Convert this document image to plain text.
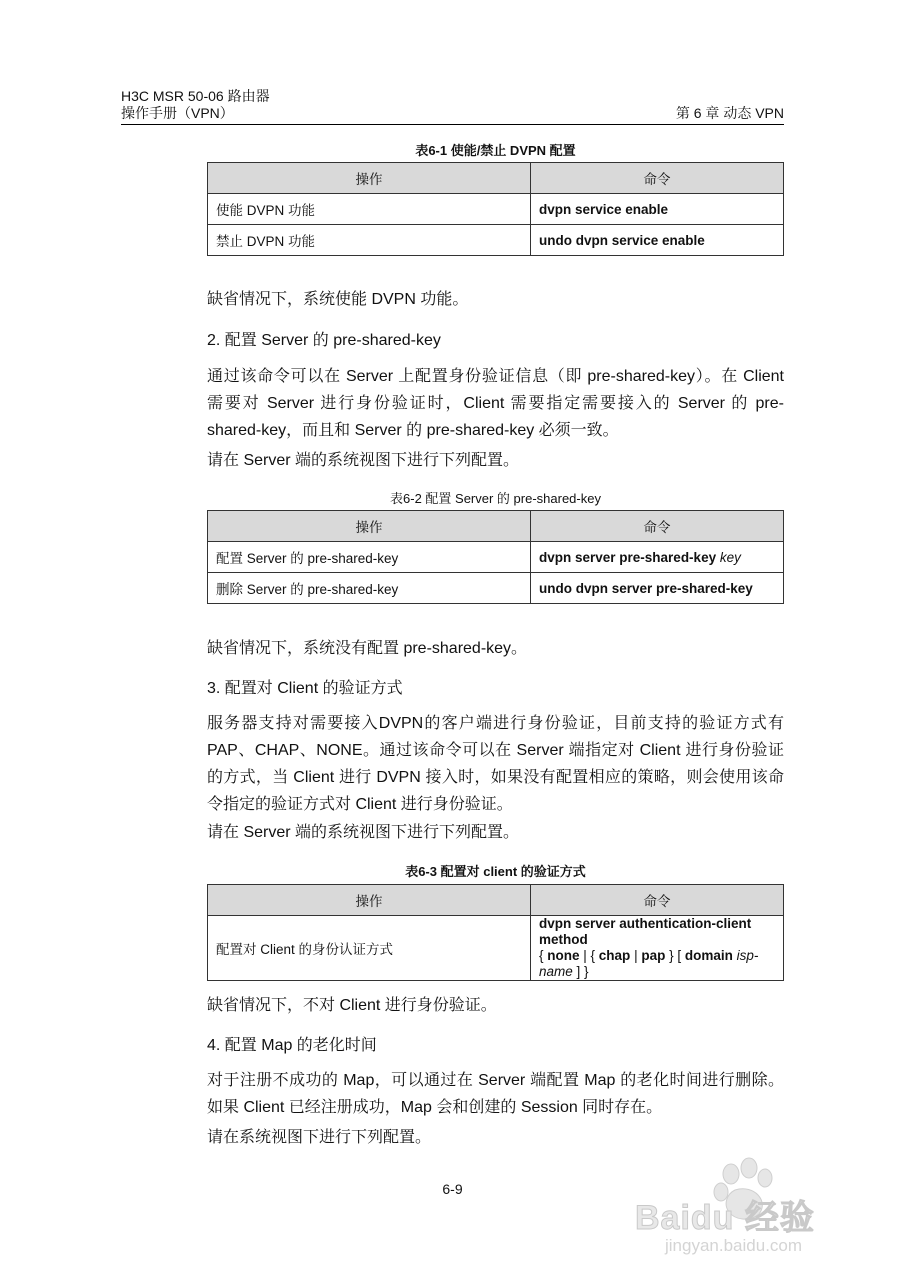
H3C MSR 50-06 路由器
操作手册（VPN）	第 6 章 动态 VPN
表6-1 使能/禁止 DVPN 配置
操作	命令
使能 DVPN 功能	dvpn service enable
禁止 DVPN 功能	undo dvpn service enable
缺省情况下，系统使能 DVPN 功能。
2. 配置 Server 的 pre-shared-key
通过该命令可以在 Server 上配置身份验证信息（即 pre-shared-key）。在 Client 需要对 Server 进行身份验证时，Client 需要指定需要接入的 Server 的 pre-shared-key，而且和 Server 的 pre-shared-key 必须一致。
请在 Server 端的系统视图下进行下列配置。
表6-2 配置 Server 的 pre-shared-key
操作	命令
配置 Server 的 pre-shared-key	dvpn server pre-shared-key key
删除 Server 的 pre-shared-key	undo dvpn server pre-shared-key
缺省情况下，系统没有配置 pre-shared-key。
3. 配置对 Client 的验证方式
服务器支持对需要接入DVPN的客户端进行身份验证，目前支持的验证方式有PAP、CHAP、NONE。通过该命令可以在 Server 端指定对 Client 进行身份验证的方式，当 Client 进行 DVPN 接入时，如果没有配置相应的策略，则会使用该命令指定的验证方式对 Client 进行身份验证。
请在 Server 端的系统视图下进行下列配置。
表6-3 配置对 client 的验证方式
操作	命令
配置对 Client 的身份认证方式	dvpn server authentication-client method
{ none | { chap | pap } [ domain isp-name ] }
缺省情况下，不对 Client 进行身份验证。
4. 配置 Map 的老化时间
对于注册不成功的 Map，可以通过在 Server 端配置 Map 的老化时间进行删除。如果 Client 已经注册成功，Map 会和创建的 Session 同时存在。
请在系统视图下进行下列配置。
6-9
Baidu 经验
jingyan.baidu.com
